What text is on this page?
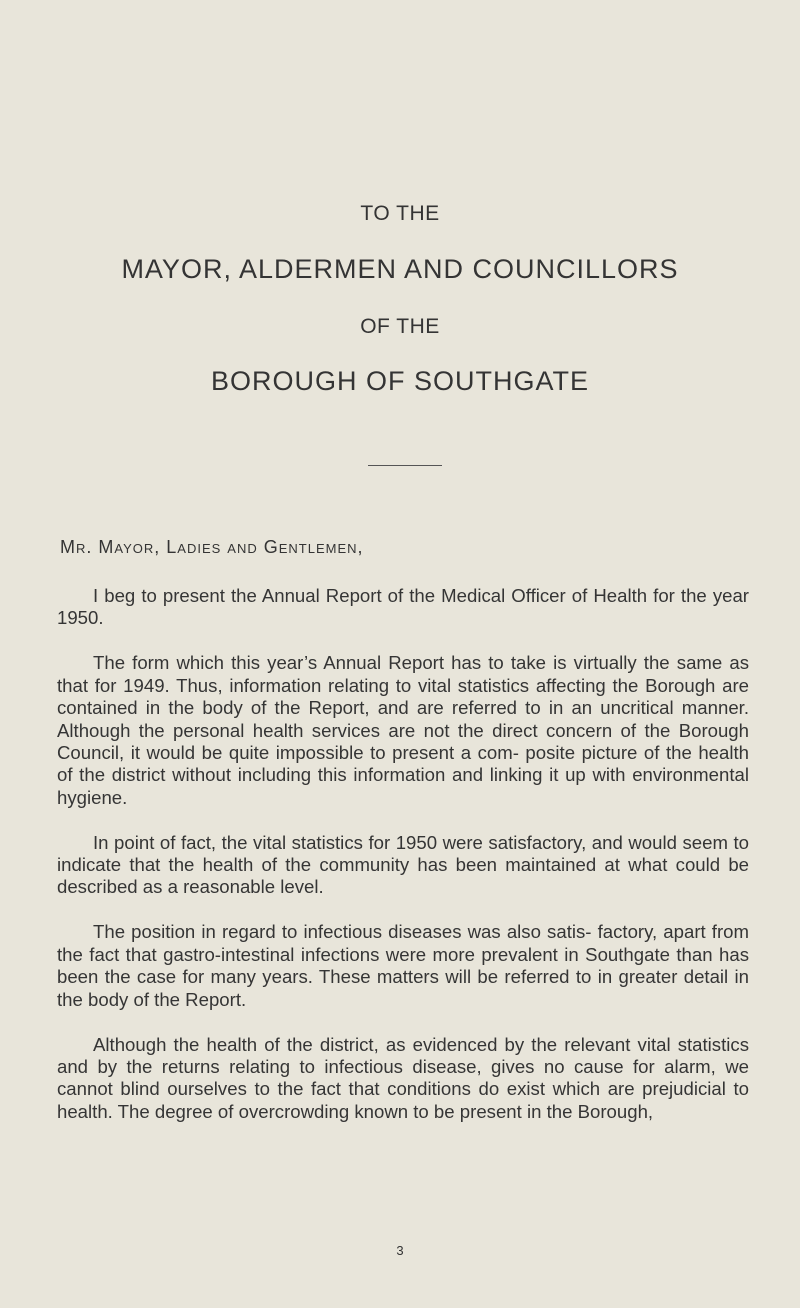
TO THE
MAYOR, ALDERMEN AND COUNCILLORS
OF THE
BOROUGH OF SOUTHGATE
Mr. Mayor, Ladies and Gentlemen,

I beg to present the Annual Report of the Medical Officer of Health for the year 1950.

The form which this year’s Annual Report has to take is virtually the same as that for 1949. Thus, information relating to vital statistics affecting the Borough are contained in the body of the Report, and are referred to in an uncritical manner. Although the personal health services are not the direct concern of the Borough Council, it would be quite impossible to present a com- posite picture of the health of the district without including this information and linking it up with environmental hygiene.

In point of fact, the vital statistics for 1950 were satisfactory, and would seem to indicate that the health of the community has been maintained at what could be described as a reasonable level.

The position in regard to infectious diseases was also satis- factory, apart from the fact that gastro-intestinal infections were more prevalent in Southgate than has been the case for many years. These matters will be referred to in greater detail in the body of the Report.

Although the health of the district, as evidenced by the relevant vital statistics and by the returns relating to infectious disease, gives no cause for alarm, we cannot blind ourselves to the fact that conditions do exist which are prejudicial to health. The degree of overcrowding known to be present in the Borough,

3
